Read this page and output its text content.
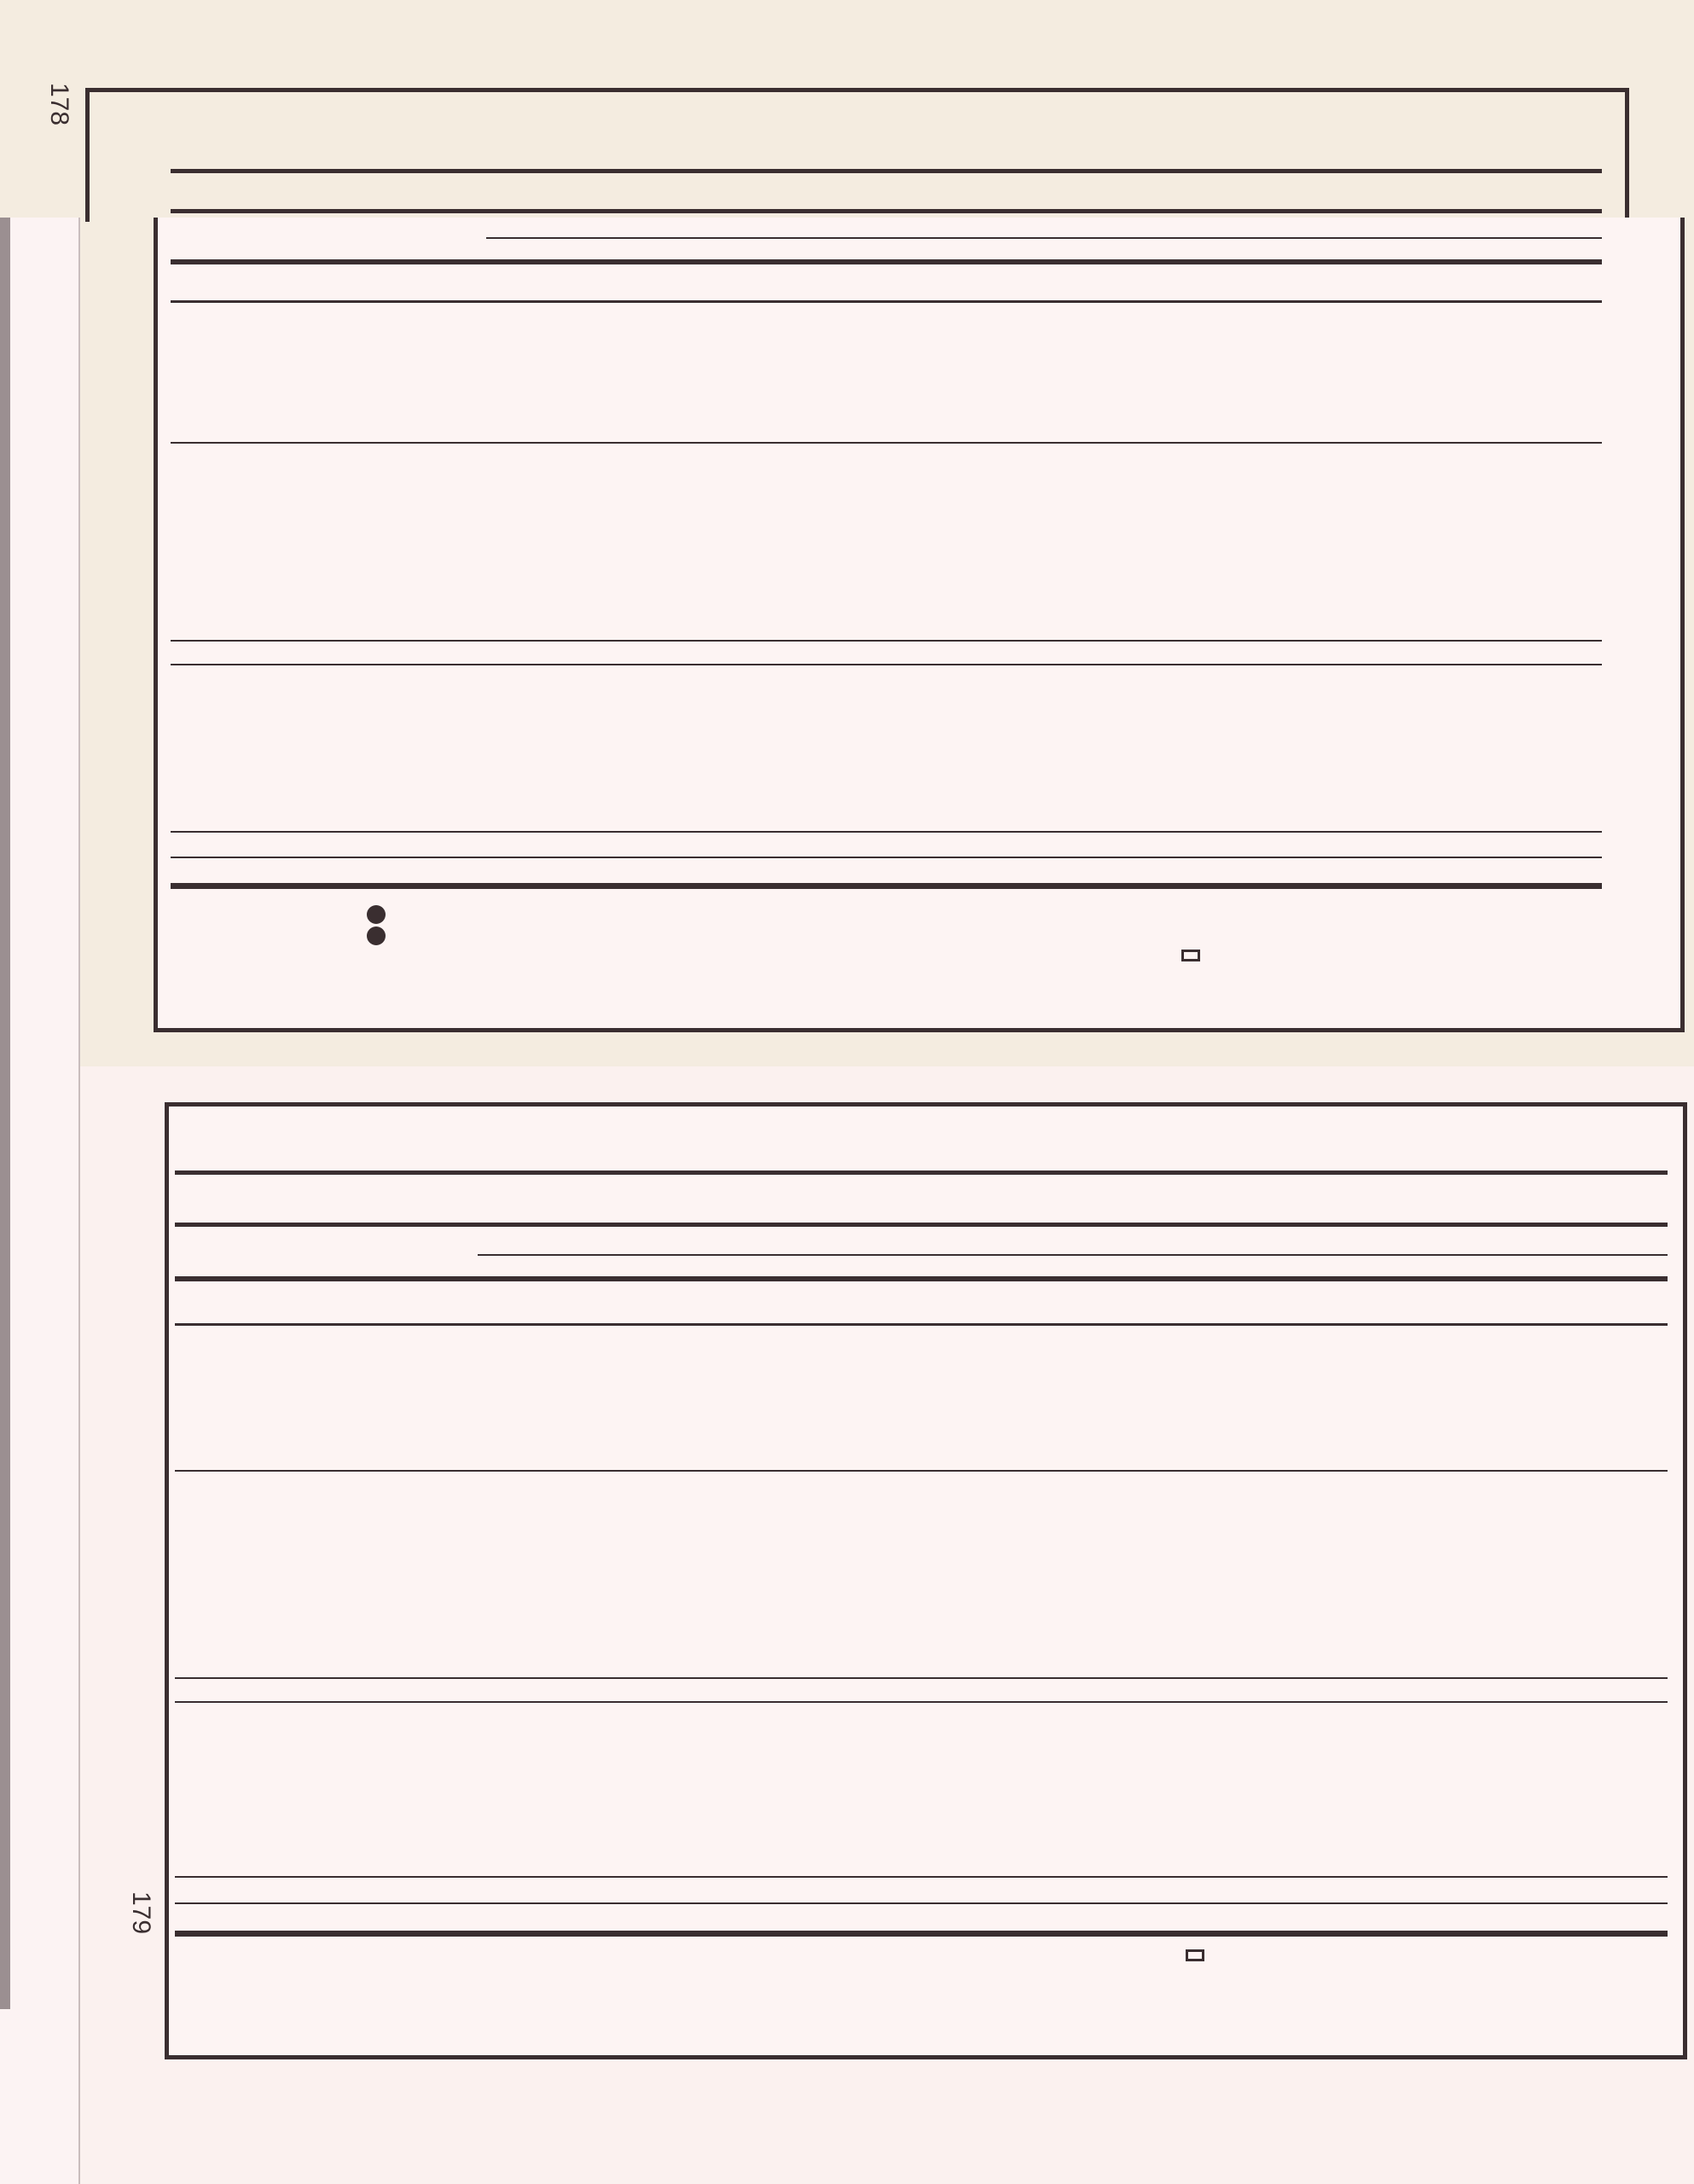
178
179
